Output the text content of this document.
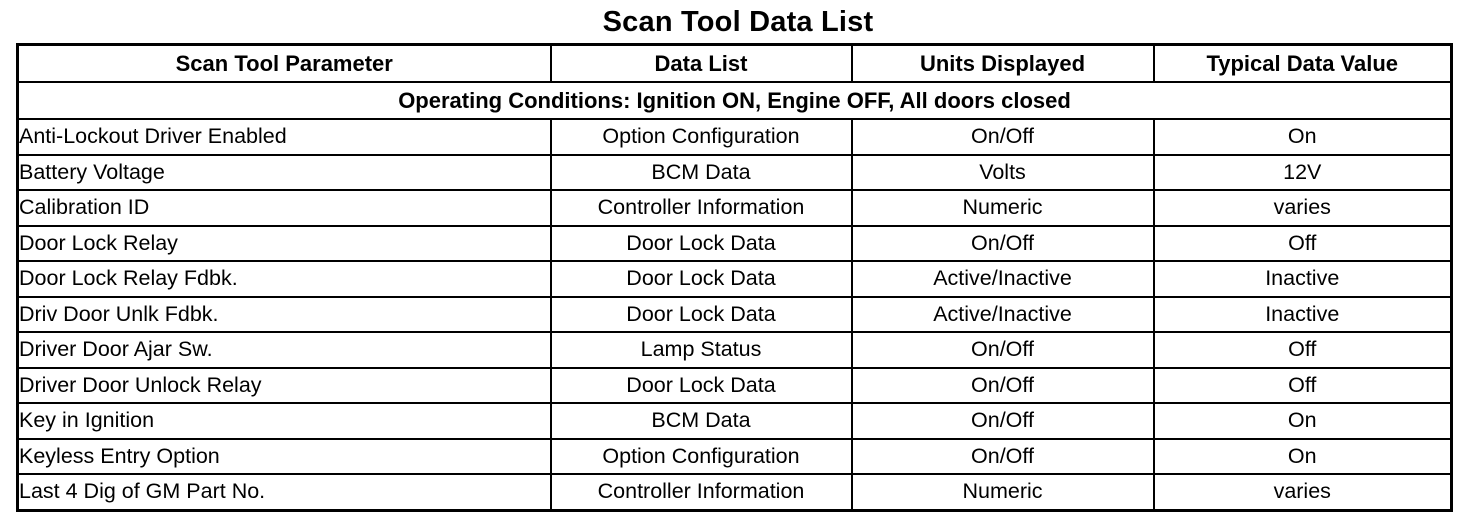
Scan Tool Data List
Scan Tool Parameter	Data List	Units Displayed	Typical Data Value
Operating Conditions: Ignition ON, Engine OFF, All doors closed			
Anti-Lockout Driver Enabled	Option Configuration	On/Off	On
Battery Voltage	BCM Data	Volts	12V
Calibration ID	Controller Information	Numeric	varies
Door Lock Relay	Door Lock Data	On/Off	Off
Door Lock Relay Fdbk.	Door Lock Data	Active/Inactive	Inactive
Driv Door Unlk Fdbk.	Door Lock Data	Active/Inactive	Inactive
Driver Door Ajar Sw.	Lamp Status	On/Off	Off
Driver Door Unlock Relay	Door Lock Data	On/Off	Off
Key in Ignition	BCM Data	On/Off	On
Keyless Entry Option	Option Configuration	On/Off	On
Last 4 Dig of GM Part No.	Controller Information	Numeric	varies
